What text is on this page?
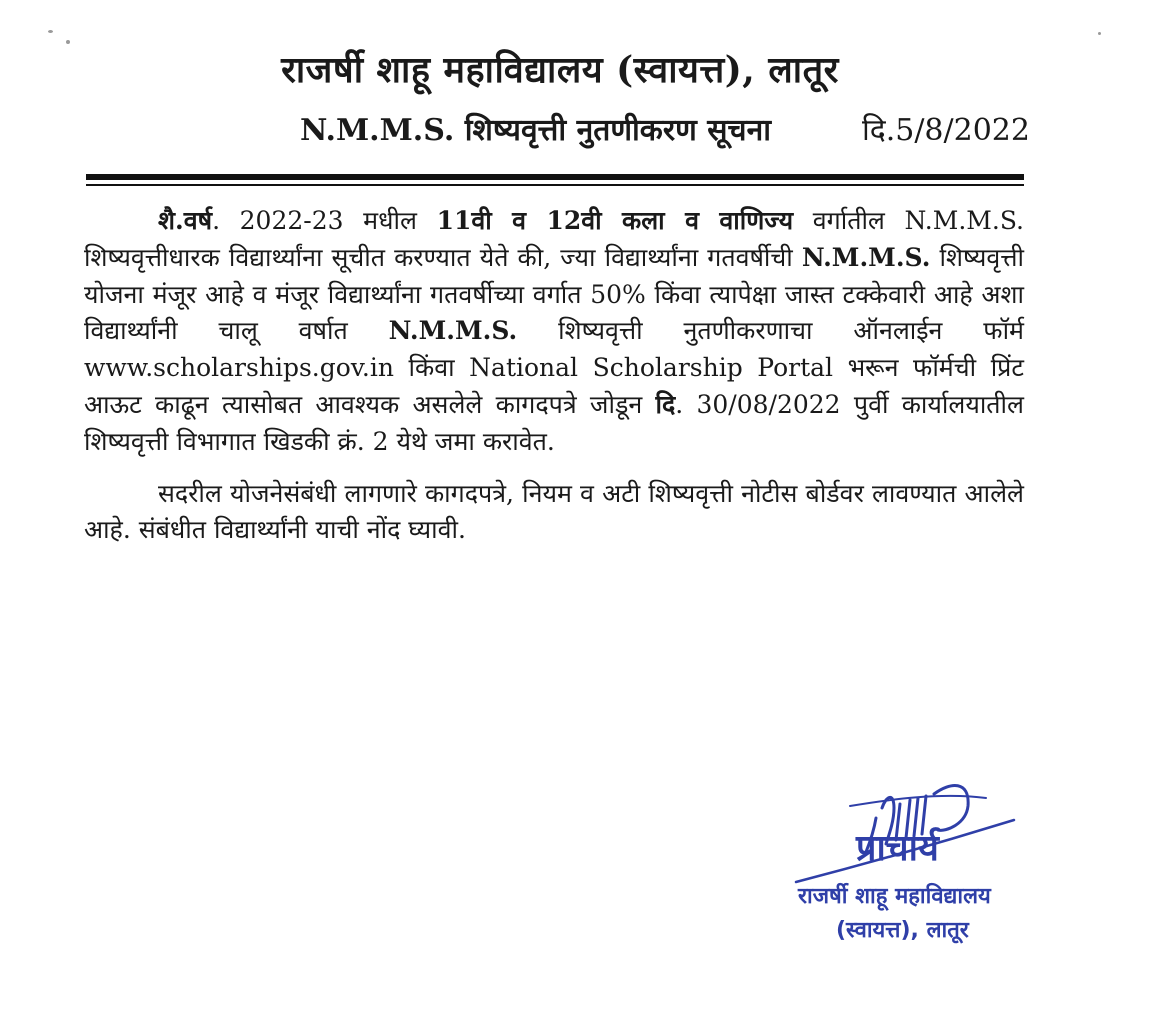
राजर्षी शाहू महाविद्यालय (स्वायत्त), लातूर
N.M.M.S. शिष्यवृत्ती नुतणीकरण सूचना	दि.5/8/2022

शै.वर्ष. 2022-23 मधील 11वी व 12वी कला व वाणिज्य वर्गातील N.M.M.S. शिष्यवृत्तीधारक विद्यार्थ्यांना सूचीत करण्यात येते की, ज्या विद्यार्थ्यांना गतवर्षीची N.M.M.S. शिष्यवृत्ती योजना मंजूर आहे व मंजूर विद्यार्थ्यांना गतवर्षीच्या वर्गात 50% किंवा त्यापेक्षा जास्त टक्केवारी आहे अशा विद्यार्थ्यांनी चालू वर्षात N.M.M.S. शिष्यवृत्ती नुतणीकरणाचा ऑनलाईन फॉर्म www.scholarships.gov.in किंवा National Scholarship Portal भरून फॉर्मची प्रिंट आऊट काढून त्यासोबत आवश्यक असलेले कागदपत्रे जोडून दि. 30/08/2022 पुर्वी कार्यालयातील शिष्यवृत्ती विभागात खिडकी क्रं. 2 येथे जमा करावेत.

सदरील योजनेसंबंधी लागणारे कागदपत्रे, नियम व अटी शिष्यवृत्ती नोटीस बोर्डवर लावण्यात आलेले आहे. संबंधीत विद्यार्थ्यांनी याची नोंद घ्यावी.

प्राचार्य
राजर्षी शाहू महाविद्यालय
(स्वायत्त), लातूर
